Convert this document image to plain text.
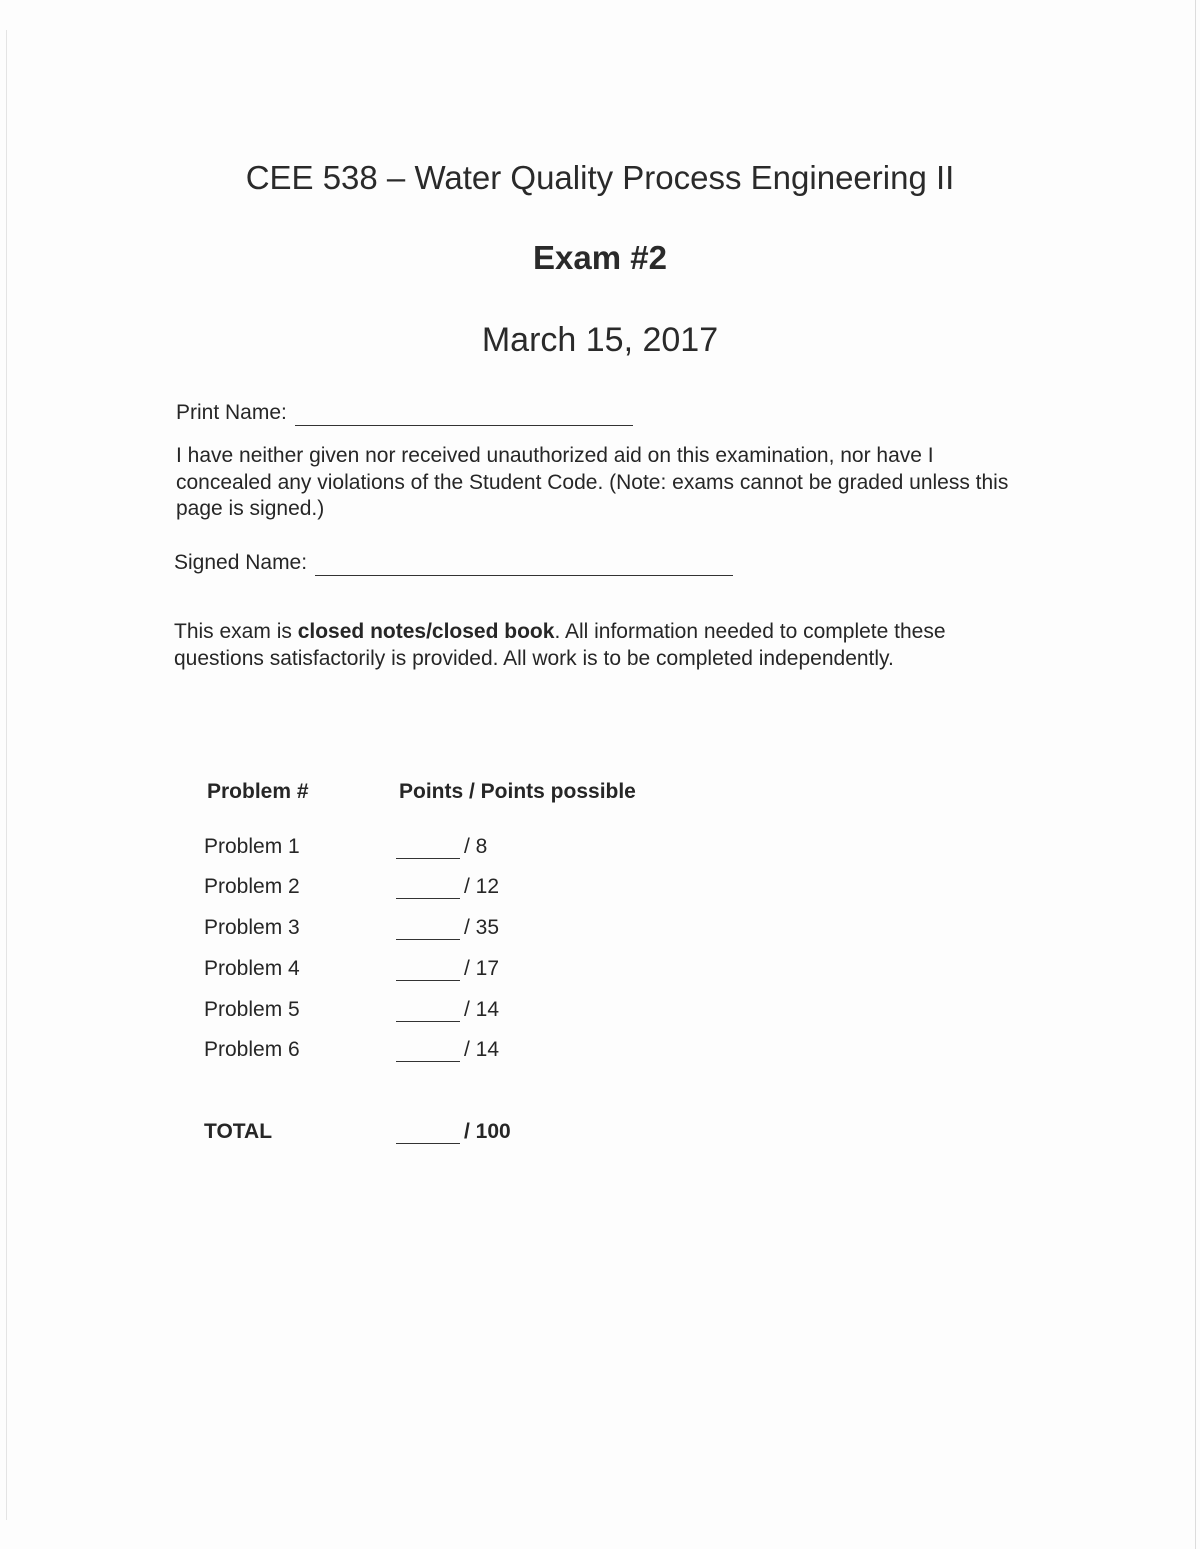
CEE 538 – Water Quality Process Engineering II
Exam #2
March 15, 2017
Print Name:

I have neither given nor received unauthorized aid on this examination, nor have I concealed any violations of the Student Code. (Note: exams cannot be graded unless this page is signed.)

Signed Name:

This exam is closed notes/closed book. All information needed to complete these questions satisfactorily is provided. All work is to be completed independently.

Problem #	Points / Points possible
Problem 1	/ 8
Problem 2	/ 12
Problem 3	/ 35
Problem 4	/ 17
Problem 5	/ 14
Problem 6	/ 14
TOTAL	/ 100
